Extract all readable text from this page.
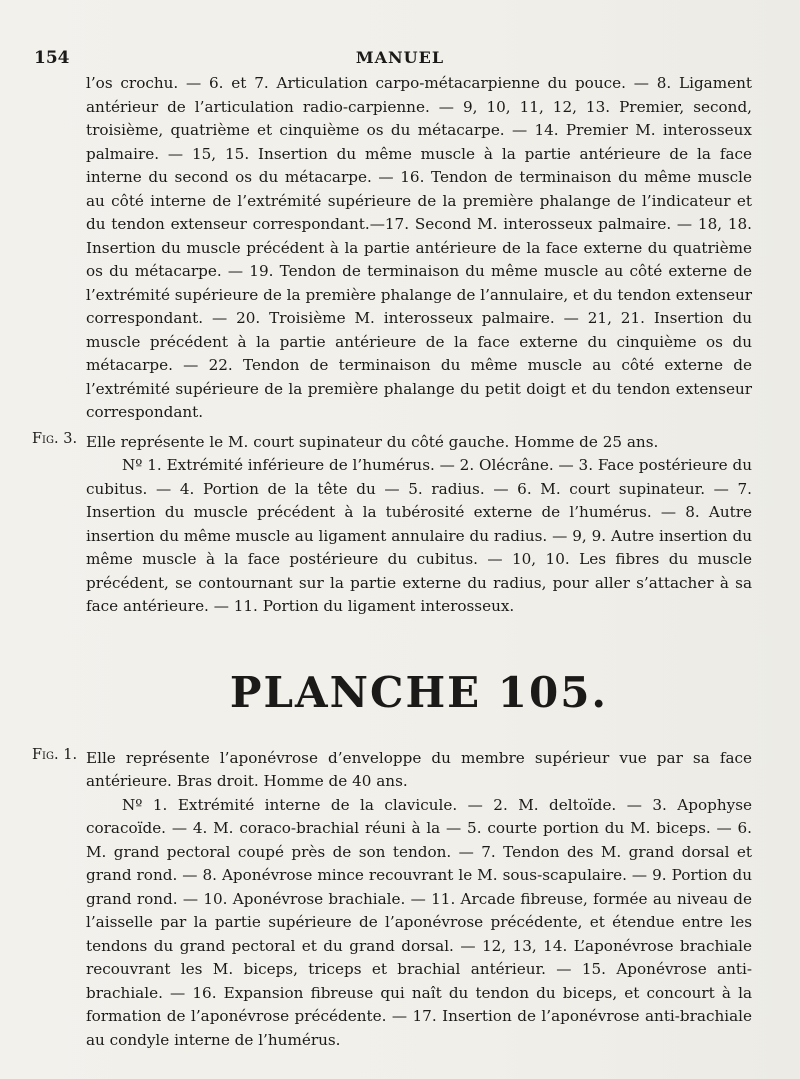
154	MANUEL

l’os crochu. — 6. et 7. Articulation carpo-métacarpienne du pouce. — 8. Ligament antérieur de l’articulation radio-carpienne. — 9, 10, 11, 12, 13. Premier, second, troisième, quatrième et cinquième os du métacarpe. — 14. Premier M. interosseux palmaire. — 15, 15. Insertion du même muscle à la partie antérieure de la face interne du second os du métacarpe. — 16. Tendon de terminaison du même muscle au côté interne de l’extrémité supérieure de la première phalange de l’indicateur et du tendon extenseur correspondant.—17. Second M. interosseux palmaire. — 18, 18. Insertion du muscle précédent à la partie antérieure de la face externe du quatrième os du métacarpe. — 19. Tendon de terminaison du même muscle au côté externe de l’extrémité supérieure de la première phalange de l’annulaire, et du tendon extenseur correspondant. — 20. Troisième M. interosseux palmaire. — 21, 21. Insertion du muscle précédent à la partie antérieure de la face externe du cinquième os du métacarpe. — 22. Tendon de terminaison du même muscle au côté externe de l’extrémité supérieure de la première phalange du petit doigt et du tendon extenseur correspondant.

Fig. 3. Elle représente le M. court supinateur du côté gauche. Homme de 25 ans.

Nº 1. Extrémité inférieure de l’humérus. — 2. Olécrâne. — 3. Face postérieure du cubitus. — 4. Portion de la tête du — 5. radius. — 6. M. court supinateur. — 7. Insertion du muscle précédent à la tubérosité externe de l’humérus. — 8. Autre insertion du même muscle au ligament annulaire du radius. — 9, 9. Autre insertion du même muscle à la face postérieure du cubitus. — 10, 10. Les fibres du muscle précédent, se contournant sur la partie externe du radius, pour aller s’attacher à sa face antérieure. — 11. Portion du ligament interosseux.

PLANCHE 105.
Fig. 1. Elle représente l’aponévrose d’enveloppe du membre supérieur vue par sa face antérieure. Bras droit. Homme de 40 ans.

Nº 1. Extrémité interne de la clavicule. — 2. M. deltoïde. — 3. Apophyse coracoïde. — 4. M. coraco-brachial réuni à la — 5. courte portion du M. biceps. — 6. M. grand pectoral coupé près de son tendon. — 7. Tendon des M. grand dorsal et grand rond. — 8. Aponévrose mince recouvrant le M. sous-scapulaire. — 9. Portion du grand rond. — 10. Aponévrose brachiale. — 11. Arcade fibreuse, formée au niveau de l’aisselle par la partie supérieure de l’aponévrose précédente, et étendue entre les tendons du grand pectoral et du grand dorsal. — 12, 13, 14. L’aponévrose brachiale recouvrant les M. biceps, triceps et brachial antérieur. — 15. Aponévrose anti-brachiale. — 16. Expansion fibreuse qui naît du tendon du biceps, et concourt à la formation de l’aponévrose précédente. — 17. Insertion de l’aponévrose anti-brachiale au condyle interne de l’humérus.
